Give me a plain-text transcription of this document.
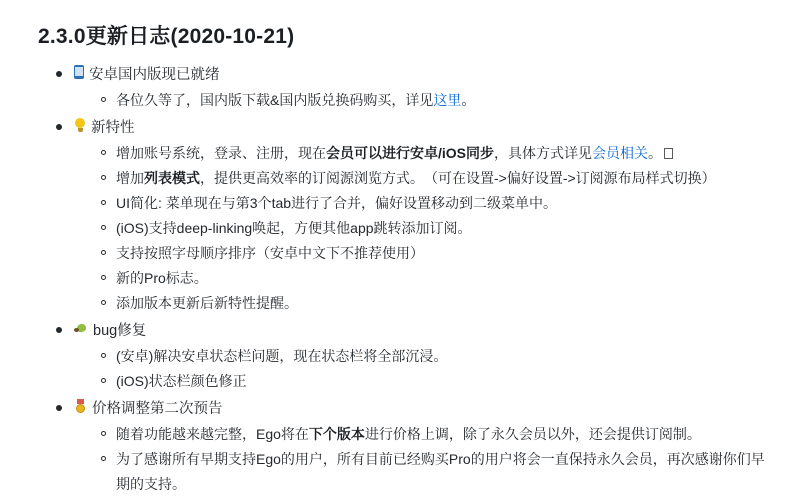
2.3.0更新日志(2020-10-21)
安卓国内版现已就绪
各位久等了，国内版下载&国内版兑换码购买，详见这里。
新特性
增加账号系统，登录、注册，现在会员可以进行安卓/iOS同步，具体方式详见会员相关。
增加列表模式，提供更高效率的订阅源浏览方式。　（可在设置->偏好设置->订阅源布局样式切换）
UI简化: 菜单现在与第3个tab进行了合并，偏好设置移动到二级菜单中。
(iOS)支持deep-linking唤起，方便其他app跳转添加订阅。
支持按照字母顺序排序（安卓中文下不推荐使用）
新的Pro标志。
添加版本更新后新特性提醒。
bug修复
(安卓)解决安卓状态栏问题，现在状态栏将全部沉浸。
(iOS)状态栏颜色修正
价格调整第二次预告
随着功能越来越完整，Ego将在下个版本进行价格上调，除了永久会员以外，还会提供订阅制。
为了感谢所有早期支持Ego的用户，所有目前已经购买Pro的用户将会一直保持永久会员，再次感谢你们早期的支持。
